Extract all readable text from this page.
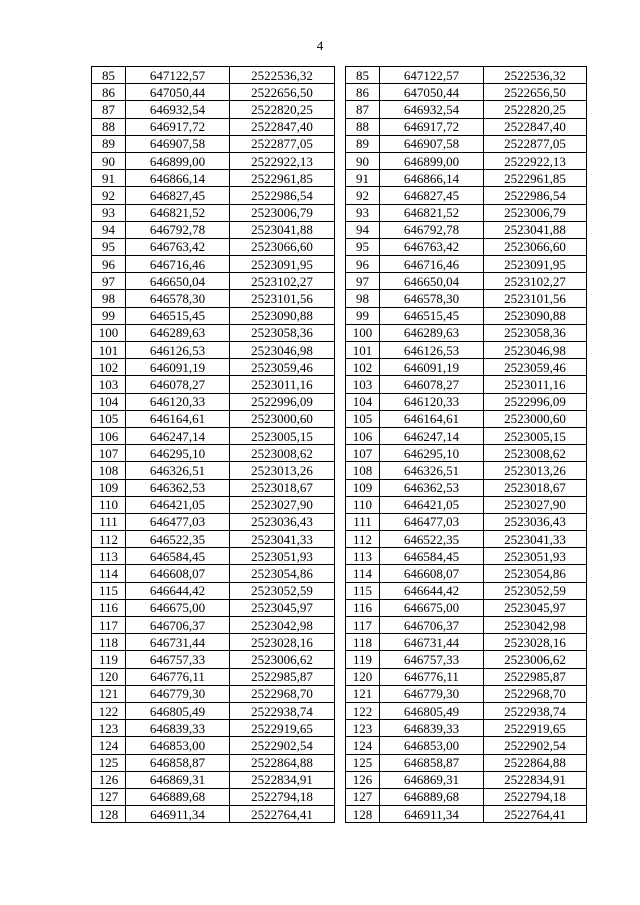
4
85	647122,57	2522536,32
86	647050,44	2522656,50
87	646932,54	2522820,25
88	646917,72	2522847,40
89	646907,58	2522877,05
90	646899,00	2522922,13
91	646866,14	2522961,85
92	646827,45	2522986,54
93	646821,52	2523006,79
94	646792,78	2523041,88
95	646763,42	2523066,60
96	646716,46	2523091,95
97	646650,04	2523102,27
98	646578,30	2523101,56
99	646515,45	2523090,88
100	646289,63	2523058,36
101	646126,53	2523046,98
102	646091,19	2523059,46
103	646078,27	2523011,16
104	646120,33	2522996,09
105	646164,61	2523000,60
106	646247,14	2523005,15
107	646295,10	2523008,62
108	646326,51	2523013,26
109	646362,53	2523018,67
110	646421,05	2523027,90
111	646477,03	2523036,43
112	646522,35	2523041,33
113	646584,45	2523051,93
114	646608,07	2523054,86
115	646644,42	2523052,59
116	646675,00	2523045,97
117	646706,37	2523042,98
118	646731,44	2523028,16
119	646757,33	2523006,62
120	646776,11	2522985,87
121	646779,30	2522968,70
122	646805,49	2522938,74
123	646839,33	2522919,65
124	646853,00	2522902,54
125	646858,87	2522864,88
126	646869,31	2522834,91
127	646889,68	2522794,18
128	646911,34	2522764,41
85	647122,57	2522536,32
86	647050,44	2522656,50
87	646932,54	2522820,25
88	646917,72	2522847,40
89	646907,58	2522877,05
90	646899,00	2522922,13
91	646866,14	2522961,85
92	646827,45	2522986,54
93	646821,52	2523006,79
94	646792,78	2523041,88
95	646763,42	2523066,60
96	646716,46	2523091,95
97	646650,04	2523102,27
98	646578,30	2523101,56
99	646515,45	2523090,88
100	646289,63	2523058,36
101	646126,53	2523046,98
102	646091,19	2523059,46
103	646078,27	2523011,16
104	646120,33	2522996,09
105	646164,61	2523000,60
106	646247,14	2523005,15
107	646295,10	2523008,62
108	646326,51	2523013,26
109	646362,53	2523018,67
110	646421,05	2523027,90
111	646477,03	2523036,43
112	646522,35	2523041,33
113	646584,45	2523051,93
114	646608,07	2523054,86
115	646644,42	2523052,59
116	646675,00	2523045,97
117	646706,37	2523042,98
118	646731,44	2523028,16
119	646757,33	2523006,62
120	646776,11	2522985,87
121	646779,30	2522968,70
122	646805,49	2522938,74
123	646839,33	2522919,65
124	646853,00	2522902,54
125	646858,87	2522864,88
126	646869,31	2522834,91
127	646889,68	2522794,18
128	646911,34	2522764,41
